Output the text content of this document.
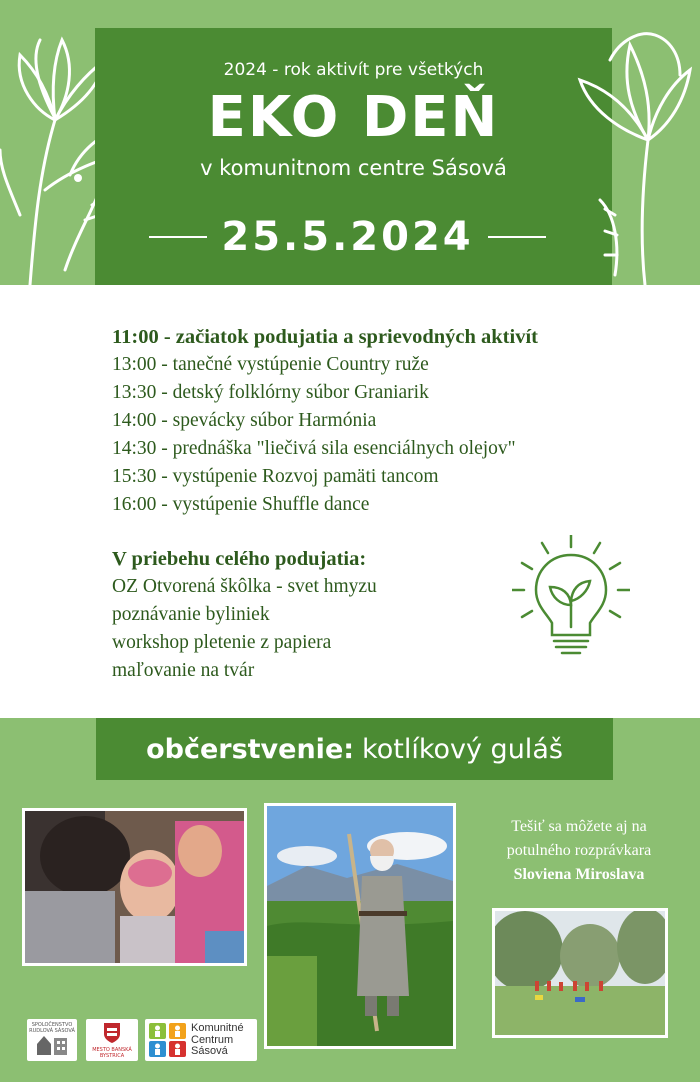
2024 - rok aktivít pre všetkých
EKO DEŇ
v komunitnom centre Sásová
25.5.2024
11:00 - začiatok podujatia a sprievodných aktivít
13:00 - tanečné vystúpenie Country ruže
13:30 - detský folklórny súbor Graniarik
14:00 - spevácky súbor Harmónia
14:30 - prednáška "liečivá sila esenciálnych olejov"
15:30 - vystúpenie Rozvoj pamäti tancom
16:00 - vystúpenie Shuffle dance
V priebehu celého podujatia:
OZ Otvorená škôlka - svet hmyzu
poznávanie byliniek
workshop pletenie z papiera
maľovanie na tvár
občerstvenie: kotlíkový guláš
Tešiť sa môžete aj na
potulného rozprávkara
Sloviena Miroslava
SPOLOČENSTVO RUDLOVÁ SÁSOVÁ
MESTO BANSKÁ BYSTRICA
Komunitné
Centrum
Sásová
